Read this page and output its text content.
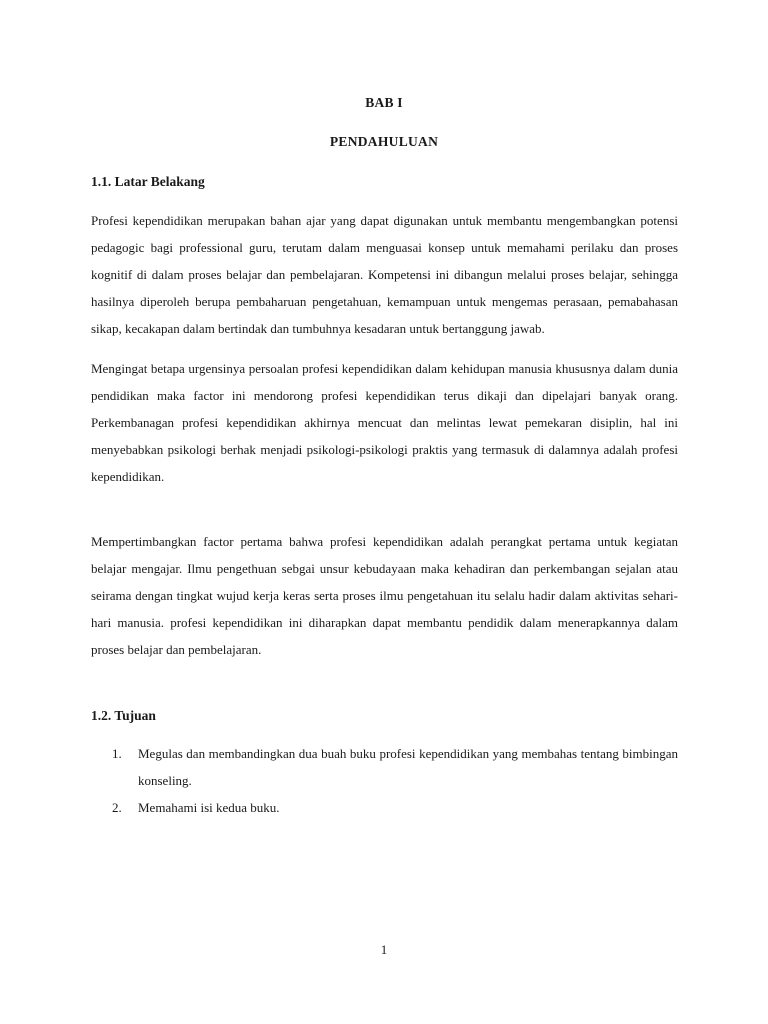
BAB I
PENDAHULUAN
1.1. Latar Belakang

Profesi kependidikan merupakan bahan ajar yang dapat digunakan untuk membantu mengembangkan potensi pedagogic bagi professional guru, terutam dalam menguasai konsep untuk memahami perilaku dan proses kognitif di dalam proses belajar dan pembelajaran. Kompetensi ini dibangun melalui proses belajar, sehingga hasilnya diperoleh berupa pembaharuan pengetahuan, kemampuan untuk mengemas perasaan, pemabahasan sikap, kecakapan dalam bertindak dan tumbuhnya kesadaran untuk bertanggung jawab.

Mengingat betapa urgensinya persoalan profesi kependidikan dalam kehidupan manusia khususnya dalam dunia pendidikan maka factor ini mendorong profesi kependidikan terus dikaji dan dipelajari banyak orang. Perkembanagan profesi kependidikan akhirnya mencuat dan melintas lewat pemekaran disiplin, hal ini menyebabkan psikologi berhak menjadi psikologi-psikologi praktis yang termasuk di dalamnya adalah profesi kependidikan.

Mempertimbangkan factor pertama bahwa profesi kependidikan adalah perangkat pertama untuk kegiatan belajar mengajar. Ilmu pengethuan sebgai unsur kebudayaan maka kehadiran dan perkembangan sejalan atau seirama dengan tingkat wujud kerja keras serta proses ilmu pengetahuan itu selalu hadir dalam aktivitas sehari-hari manusia. profesi kependidikan ini diharapkan dapat membantu pendidik dalam menerapkannya dalam proses belajar dan pembelajaran.

1.2. Tujuan
1. Megulas dan membandingkan dua buah buku profesi kependidikan yang membahas tentang bimbingan konseling.
2. Memahami isi kedua buku.
1
